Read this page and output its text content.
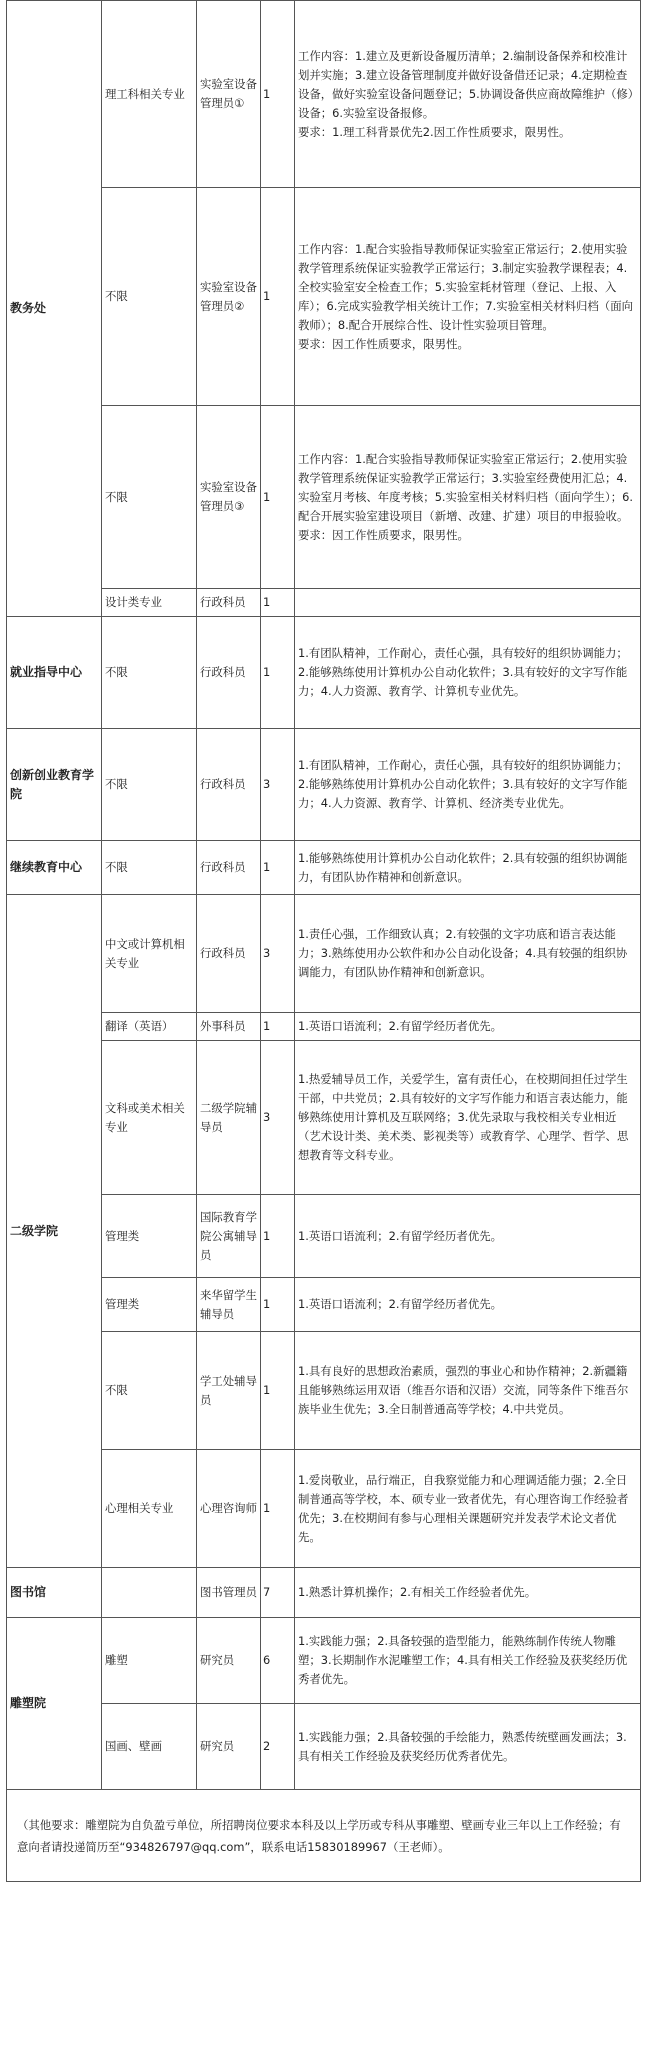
教务处	理工科相关专业	实验室设备管理员①	1	工作内容：1.建立及更新设备履历清单；2.编制设备保养和校准计划并实施；3.建立设备管理制度并做好设备借还记录；4.定期检查设备，做好实验室设备问题登记；5.协调设备供应商故障维护（修）设备；6.实验室设备报修。
要求：1.理工科背景优先2.因工作性质要求，限男性。

	不限	实验室设备管理员②	1	工作内容：1.配合实验指导教师保证实验室正常运行；2.使用实验教学管理系统保证实验教学正常运行；3.制定实验教学课程表；4.全校实验室安全检查工作；5.实验室耗材管理（登记、上报、入库）；6.完成实验教学相关统计工作；7.实验室相关材料归档（面向教师）；8.配合开展综合性、设计性实验项目管理。
要求：因工作性质要求，限男性。

	不限	实验室设备管理员③	1	工作内容：1.配合实验指导教师保证实验室正常运行；2.使用实验教学管理系统保证实验教学正常运行；3.实验室经费使用汇总；4.实验室月考核、年度考核；5.实验室相关材料归档（面向学生）；6.配合开展实验室建设项目（新增、改建、扩建）项目的申报验收。
要求：因工作性质要求，限男性。

	设计类专业	行政科员	1	
就业指导中心	不限	行政科员	1	1.有团队精神，工作耐心，责任心强，具有较好的组织协调能力；2.能够熟练使用计算机办公自动化软件；3.具有较好的文字写作能力；4.人力资源、教育学、计算机专业优先。
创新创业教育学院	不限	行政科员	3	1.有团队精神，工作耐心，责任心强，具有较好的组织协调能力；2.能够熟练使用计算机办公自动化软件；3.具有较好的文字写作能力；4.人力资源、教育学、计算机、经济类专业优先。
继续教育中心	不限	行政科员	1	1.能够熟练使用计算机办公自动化软件；2.具有较强的组织协调能力，有团队协作精神和创新意识。
二级学院	中文或计算机相关专业	行政科员	3	1.责任心强，工作细致认真；2.有较强的文字功底和语言表达能力；3.熟练使用办公软件和办公自动化设备；4.具有较强的组织协调能力，有团队协作精神和创新意识。
	翻译（英语）	外事科员	1	1.英语口语流利；2.有留学经历者优先。
	文科或美术相关专业	二级学院辅导员	3	1.热爱辅导员工作，关爱学生，富有责任心，在校期间担任过学生干部，中共党员；2.具有较好的文字写作能力和语言表达能力，能够熟练使用计算机及互联网络；3.优先录取与我校相关专业相近（艺术设计类、美术类、影视类等）或教育学、心理学、哲学、思想教育等文科专业。
	管理类	国际教育学院公寓辅导员	1	1.英语口语流利；2.有留学经历者优先。
	管理类	来华留学生辅导员	1	1.英语口语流利；2.有留学经历者优先。
	不限	学工处辅导员	1	1.具有良好的思想政治素质，强烈的事业心和协作精神；2.新疆籍且能够熟练运用双语（维吾尔语和汉语）交流，同等条件下维吾尔族毕业生优先；3.全日制普通高等学校；4.中共党员。
	心理相关专业	心理咨询师	1	1.爱岗敬业，品行端正，自我察觉能力和心理调适能力强；2.全日制普通高等学校，本、硕专业一致者优先，有心理咨询工作经验者优先；3.在校期间有参与心理相关课题研究并发表学术论文者优先。
图书馆		图书管理员	7	1.熟悉计算机操作；2.有相关工作经验者优先。
雕塑院	雕塑	研究员	6	1.实践能力强；2.具备较强的造型能力，能熟练制作传统人物雕塑；3.长期制作水泥雕塑工作；4.具有相关工作经验及获奖经历优秀者优先。
	国画、壁画	研究员	2	1.实践能力强；2.具备较强的手绘能力，熟悉传统壁画发画法；3.具有相关工作经验及获奖经历优秀者优先。
（其他要求：雕塑院为自负盈亏单位，所招聘岗位要求本科及以上学历或专科从事雕塑、壁画专业三年以上工作经验；有意向者请投递简历至“934826797@qq.com”，联系电话15830189967（王老师）。				
